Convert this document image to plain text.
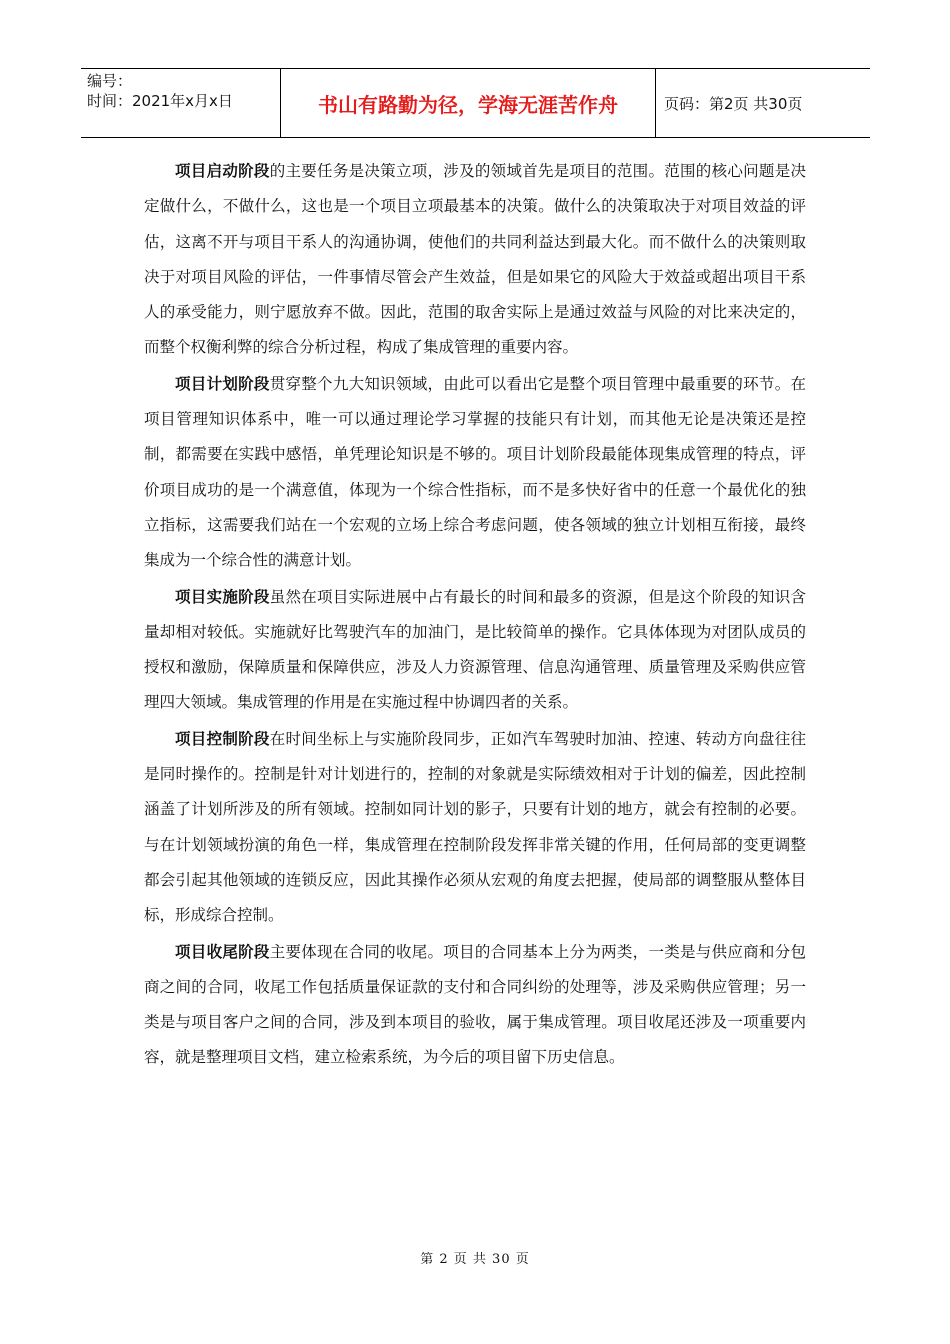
编号：
时间：2021年x月x日	书山有路勤为径，学海无涯苦作舟	页码：第2页 共30页

项目启动阶段的主要任务是决策立项，涉及的领域首先是项目的范围。范围的核心问题是决定做什么，不做什么，这也是一个项目立项最基本的决策。做什么的决策取决于对项目效益的评估，这离不开与项目干系人的沟通协调，使他们的共同利益达到最大化。而不做什么的决策则取决于对项目风险的评估，一件事情尽管会产生效益，但是如果它的风险大于效益或超出项目干系人的承受能力，则宁愿放弃不做。因此，范围的取舍实际上是通过效益与风险的对比来决定的，而整个权衡利弊的综合分析过程，构成了集成管理的重要内容。

项目计划阶段贯穿整个九大知识领域，由此可以看出它是整个项目管理中最重要的环节。在项目管理知识体系中，唯一可以通过理论学习掌握的技能只有计划，而其他无论是决策还是控制，都需要在实践中感悟，单凭理论知识是不够的。项目计划阶段最能体现集成管理的特点，评价项目成功的是一个满意值，体现为一个综合性指标，而不是多快好省中的任意一个最优化的独立指标，这需要我们站在一个宏观的立场上综合考虑问题，使各领域的独立计划相互衔接，最终集成为一个综合性的满意计划。

项目实施阶段虽然在项目实际进展中占有最长的时间和最多的资源，但是这个阶段的知识含量却相对较低。实施就好比驾驶汽车的加油门，是比较简单的操作。它具体体现为对团队成员的授权和激励，保障质量和保障供应，涉及人力资源管理、信息沟通管理、质量管理及采购供应管理四大领域。集成管理的作用是在实施过程中协调四者的关系。

项目控制阶段在时间坐标上与实施阶段同步，正如汽车驾驶时加油、控速、转动方向盘往往是同时操作的。控制是针对计划进行的，控制的对象就是实际绩效相对于计划的偏差，因此控制涵盖了计划所涉及的所有领域。控制如同计划的影子，只要有计划的地方，就会有控制的必要。与在计划领域扮演的角色一样，集成管理在控制阶段发挥非常关键的作用，任何局部的变更调整都会引起其他领域的连锁反应，因此其操作必须从宏观的角度去把握，使局部的调整服从整体目标，形成综合控制。

项目收尾阶段主要体现在合同的收尾。项目的合同基本上分为两类，一类是与供应商和分包商之间的合同，收尾工作包括质量保证款的支付和合同纠纷的处理等，涉及采购供应管理；另一类是与项目客户之间的合同，涉及到本项目的验收，属于集成管理。项目收尾还涉及一项重要内容，就是整理项目文档，建立检索系统，为今后的项目留下历史信息。

第 2 页 共 30 页
